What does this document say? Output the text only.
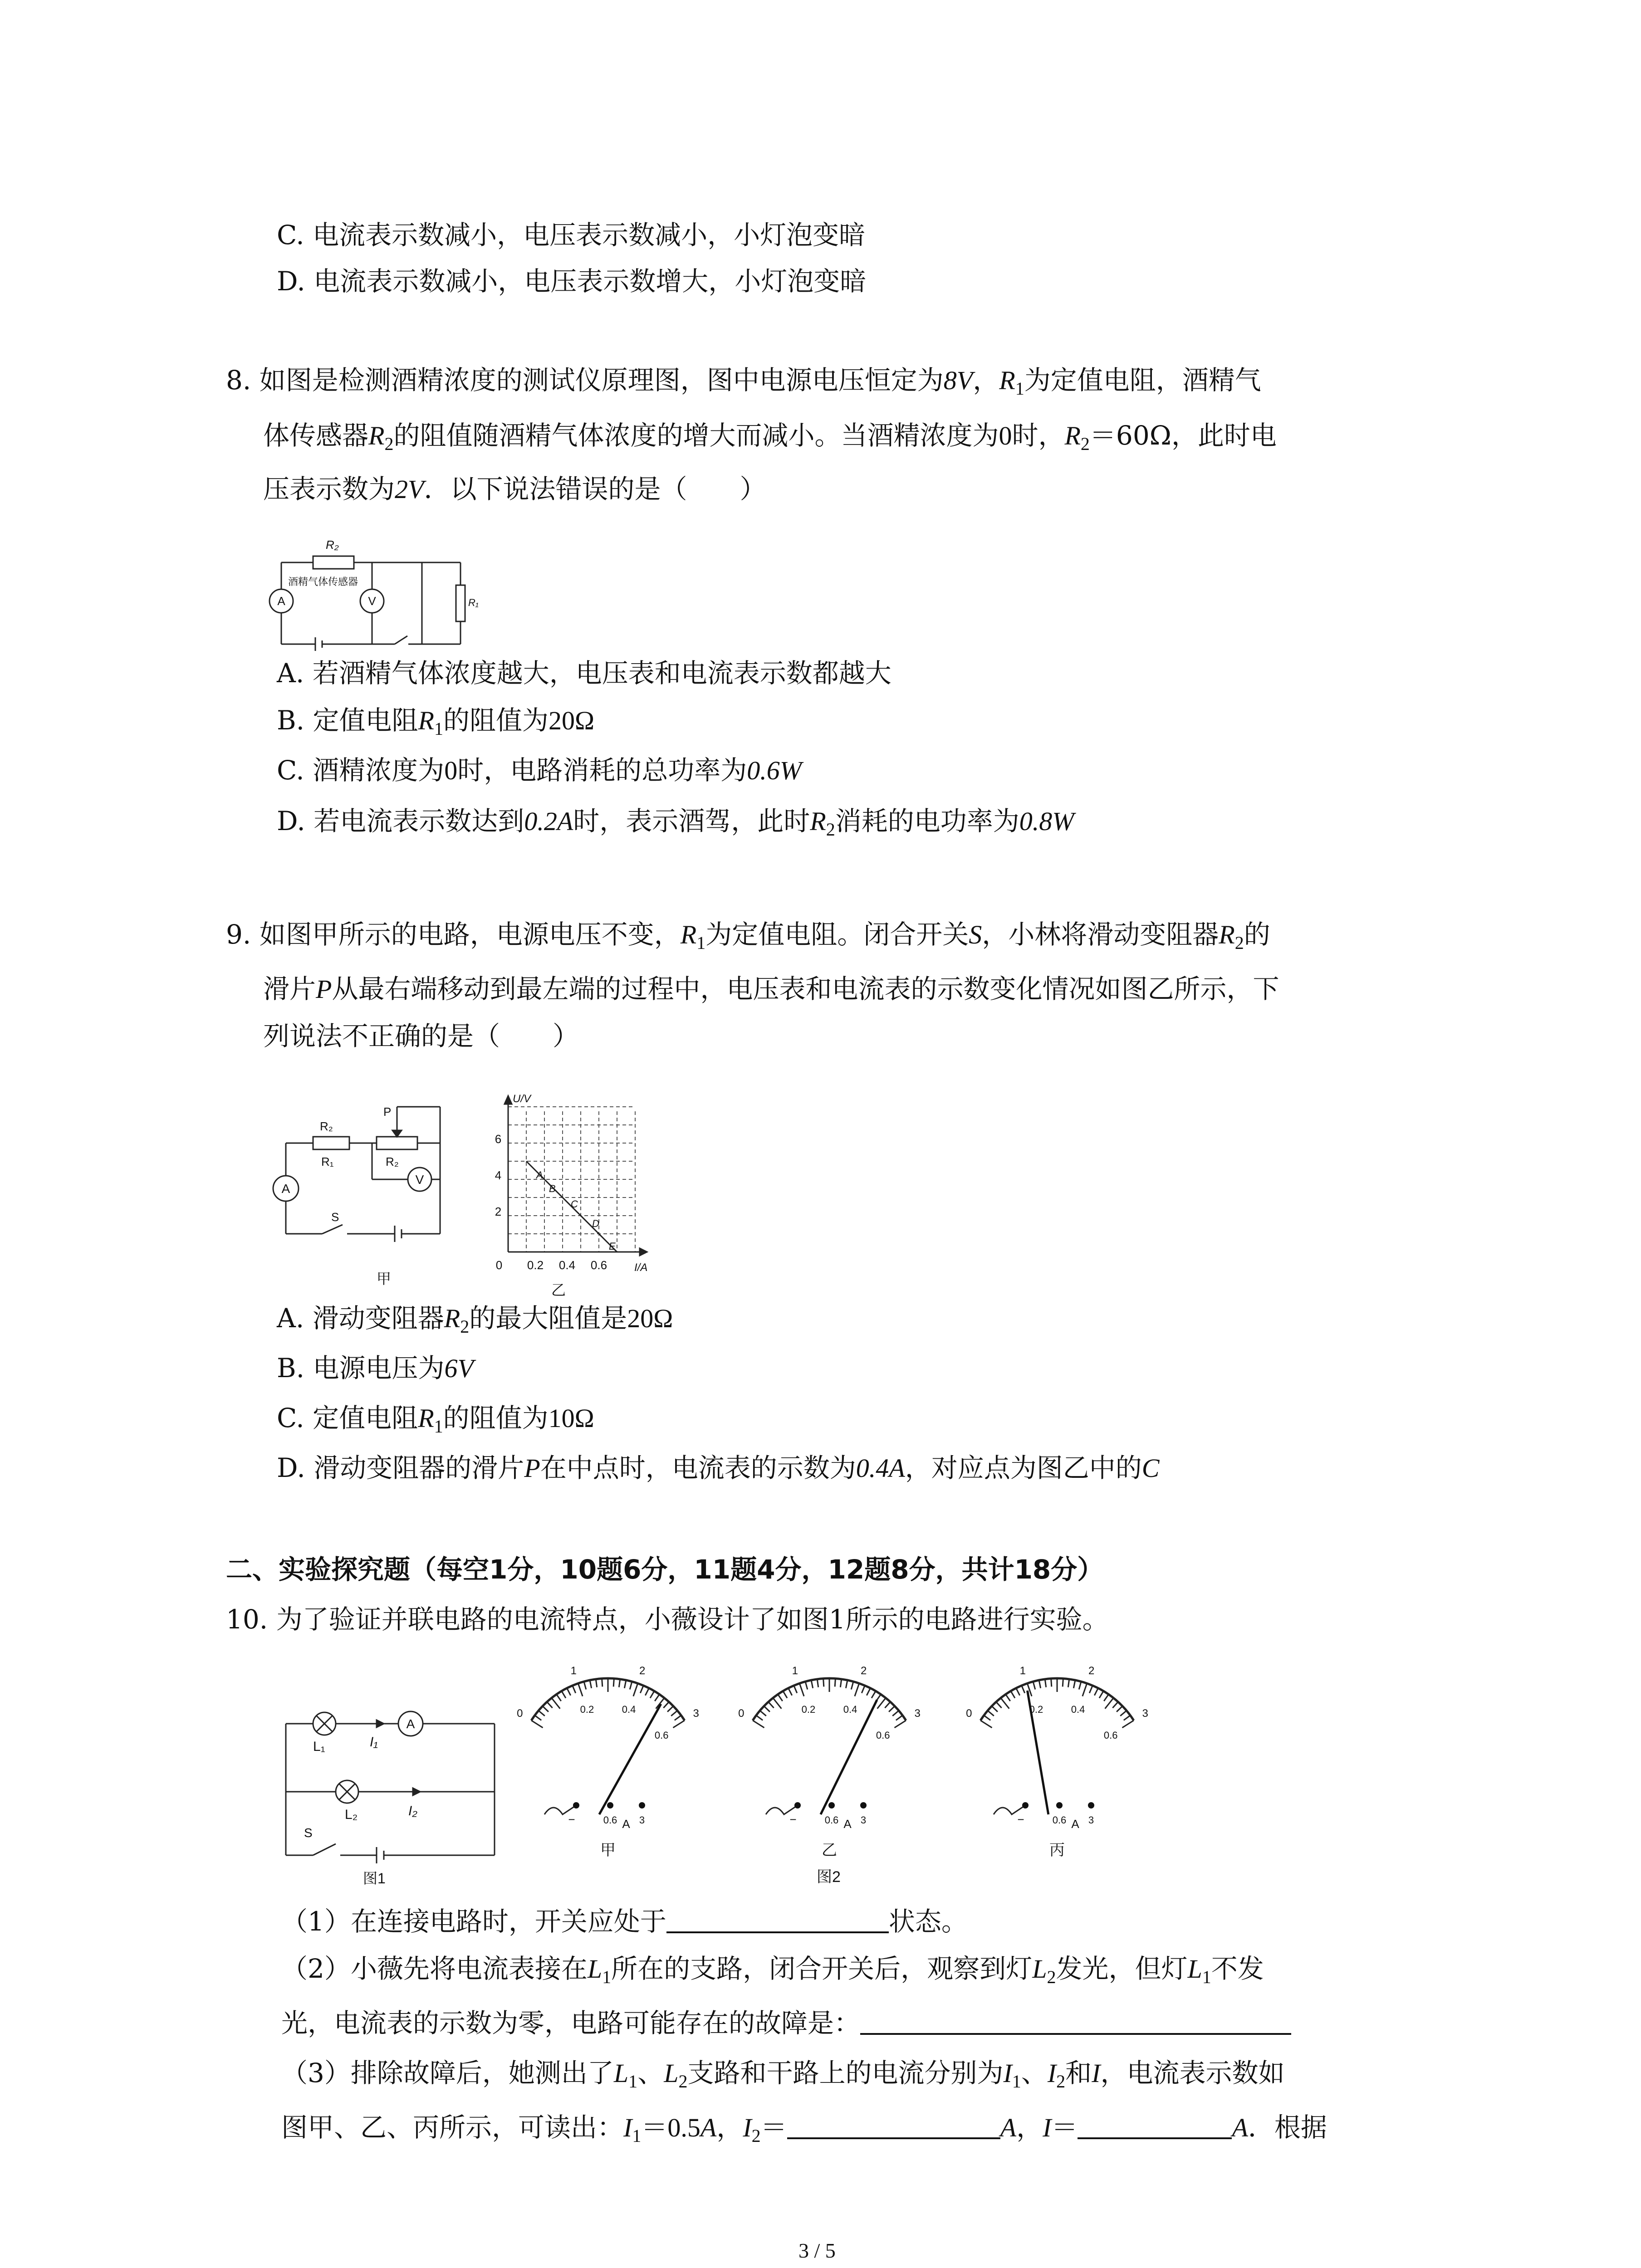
C. 电流表示数减小，电压表示数减小，小灯泡变暗
D. 电流表示数减小，电压表示数增大，小灯泡变暗
8. 如图是检测酒精浓度的测试仪原理图，图中电源电压恒定为8V，$R_1$为定值电阻，酒精气
体传感器$R_2$的阻值随酒精气体浓度的增大而减小。当酒精浓度为0时，$R_2=60\Omega$，此时电
压表示数为2V．以下说法错误的是（　　）
R₂
酒精气体传感器
A	V	R₁
A. 若酒精气体浓度越大，电压表和电流表示数都越大
B. 定值电阻$R_1$的阻值为20Ω
C. 酒精浓度为0时，电路消耗的总功率为0.6W
D. 若电流表示数达到0.2A时，表示酒驾，此时$R_2$消耗的电功率为0.8W
9. 如图甲所示的电路，电源电压不变，$R_1$为定值电阻。闭合开关S，小林将滑动变阻器$R_2$的
滑片P从最右端移动到最左端的过程中，电压表和电流表的示数变化情况如图乙所示，下
列说法不正确的是（　　）
P
R₂
R₁	R₂
A
V
S
甲
U/V
I/A
6
4
2
0 0.2 0.4 0.6
A
B
C
D
E
乙
A. 滑动变阻器$R_2$的最大阻值是20Ω
B. 电源电压为6V
C. 定值电阻$R_1$的阻值为10Ω
D. 滑动变阻器的滑片P在中点时，电流表的示数为0.4A，对应点为图乙中的C
二、实验探究题（每空1分，10题6分，11题4分，12题8分，共计18分）
10. 为了验证并联电路的电流特点，小薇设计了如图1所示的电路进行实验。
L₁
L₂
I₁
I₂
A
S
图1
0
1	2
3
0.2	0.4
0.6
−	0.6 3
A
0
1	2
3
0.2	0.4
0.6
−	0.6 3
A
0
1	2
3
0.2	0.4
0.6
−	0.6 3
A
甲	乙	丙
图2
（1）在连接电路时，开关应处于	状态。
（2）小薇先将电流表接在$L_1$所在的支路，闭合开关后，观察到灯$L_2$发光，但灯$L_1$不发
光，电流表的示数为零，电路可能存在的故障是：
（3）排除故障后，她测出了$L_1$、$L_2$支路和干路上的电流分别为$I_1$、$I_2$和I，电流表示数如
图甲、乙、丙所示，可读出：$I_1=0.5A$，$I_2=$	A，I＝	A．根据
3 / 5
